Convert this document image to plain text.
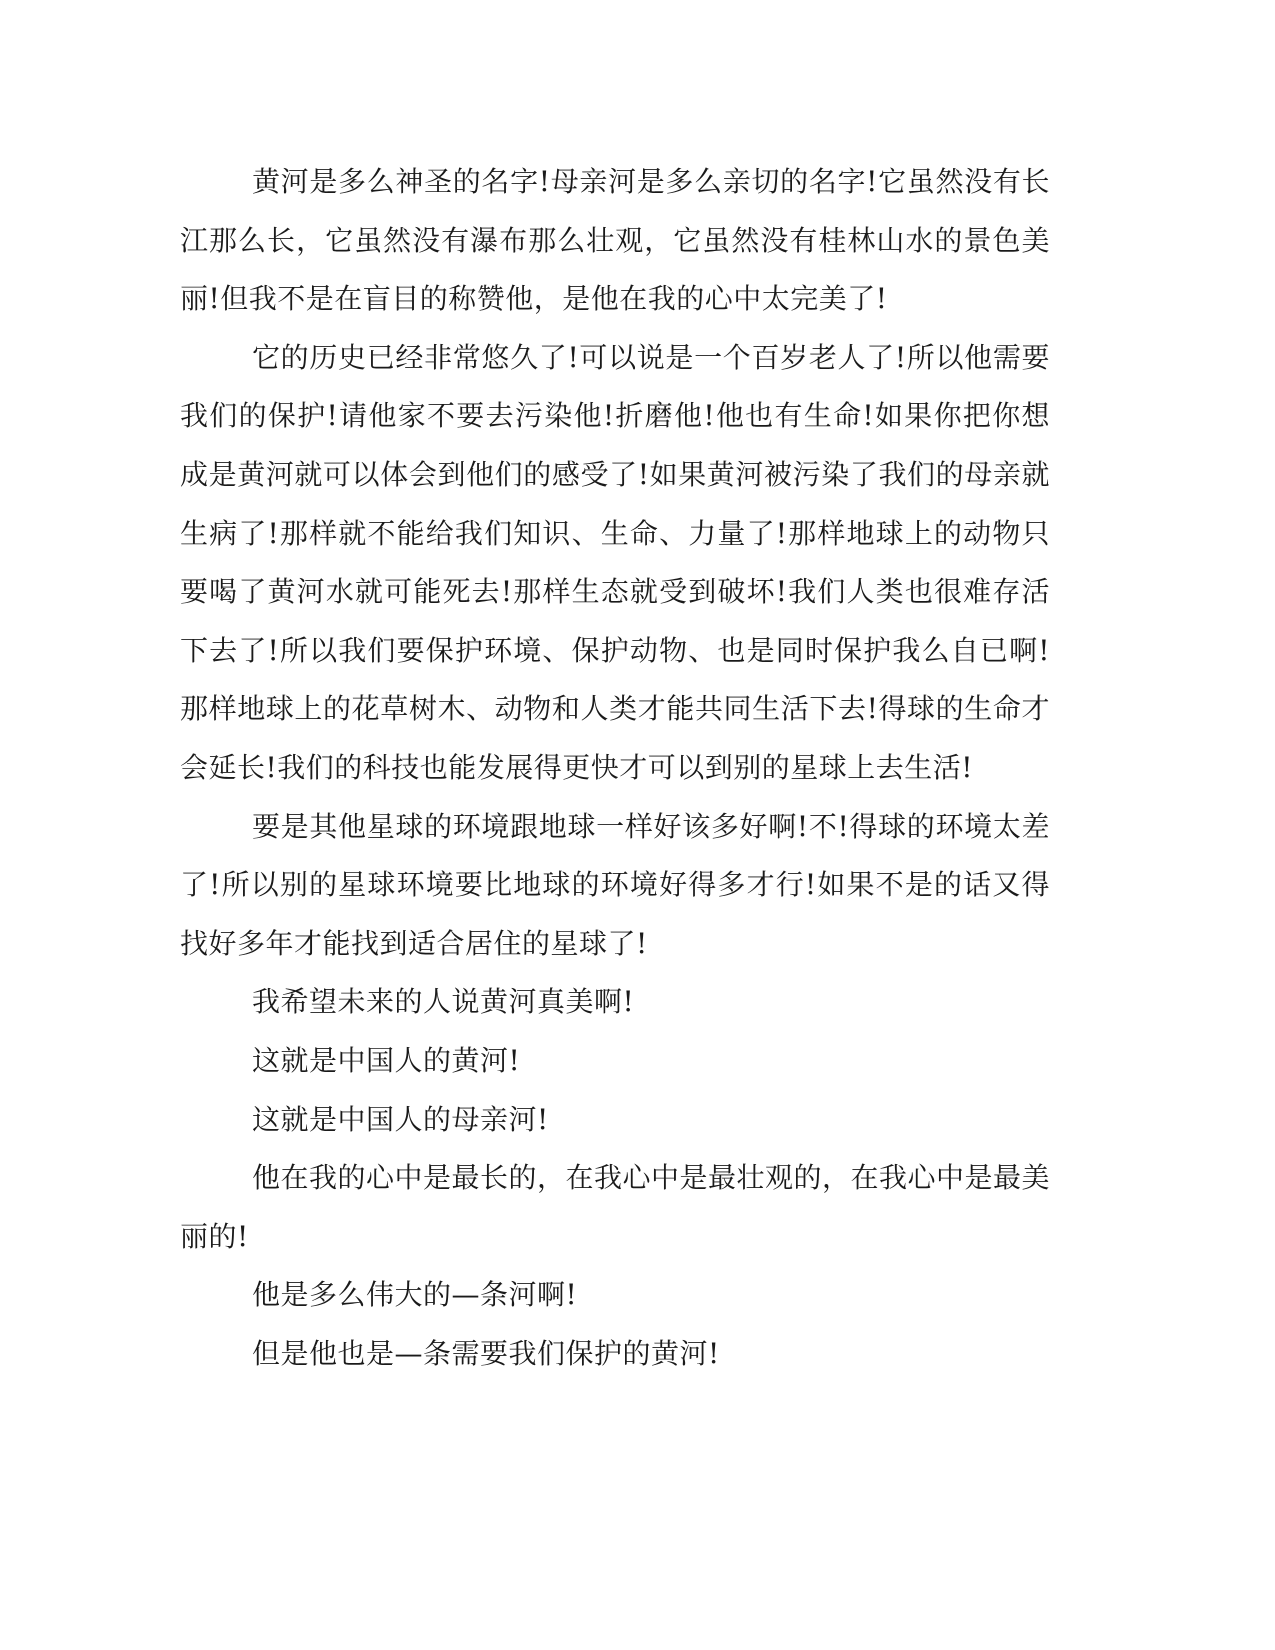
黄河是多么神圣的名字!母亲河是多么亲切的名字!它虽然没有长江那么长，它虽然没有瀑布那么壮观，它虽然没有桂林山水的景色美丽!但我不是在盲目的称赞他，是他在我的心中太完美了!

它的历史已经非常悠久了!可以说是一个百岁老人了!所以他需要我们的保护!请他家不要去污染他!折磨他!他也有生命!如果你把你想成是黄河就可以体会到他们的感受了!如果黄河被污染了我们的母亲就生病了!那样就不能给我们知识、生命、力量了!那样地球上的动物只要喝了黄河水就可能死去!那样生态就受到破坏!我们人类也很难存活下去了!所以我们要保护环境、保护动物、也是同时保护我么自已啊!那样地球上的花草树木、动物和人类才能共同生活下去!得球的生命才会延长!我们的科技也能发展得更快才可以到别的星球上去生活!

要是其他星球的环境跟地球一样好该多好啊!不!得球的环境太差了!所以别的星球环境要比地球的环境好得多才行!如果不是的话又得找好多年才能找到适合居住的星球了!

我希望未来的人说黄河真美啊!

这就是中国人的黄河!

这就是中国人的母亲河!

他在我的心中是最长的，在我心中是最壮观的，在我心中是最美丽的!

他是多么伟大的—条河啊!

但是他也是—条需要我们保护的黄河!
